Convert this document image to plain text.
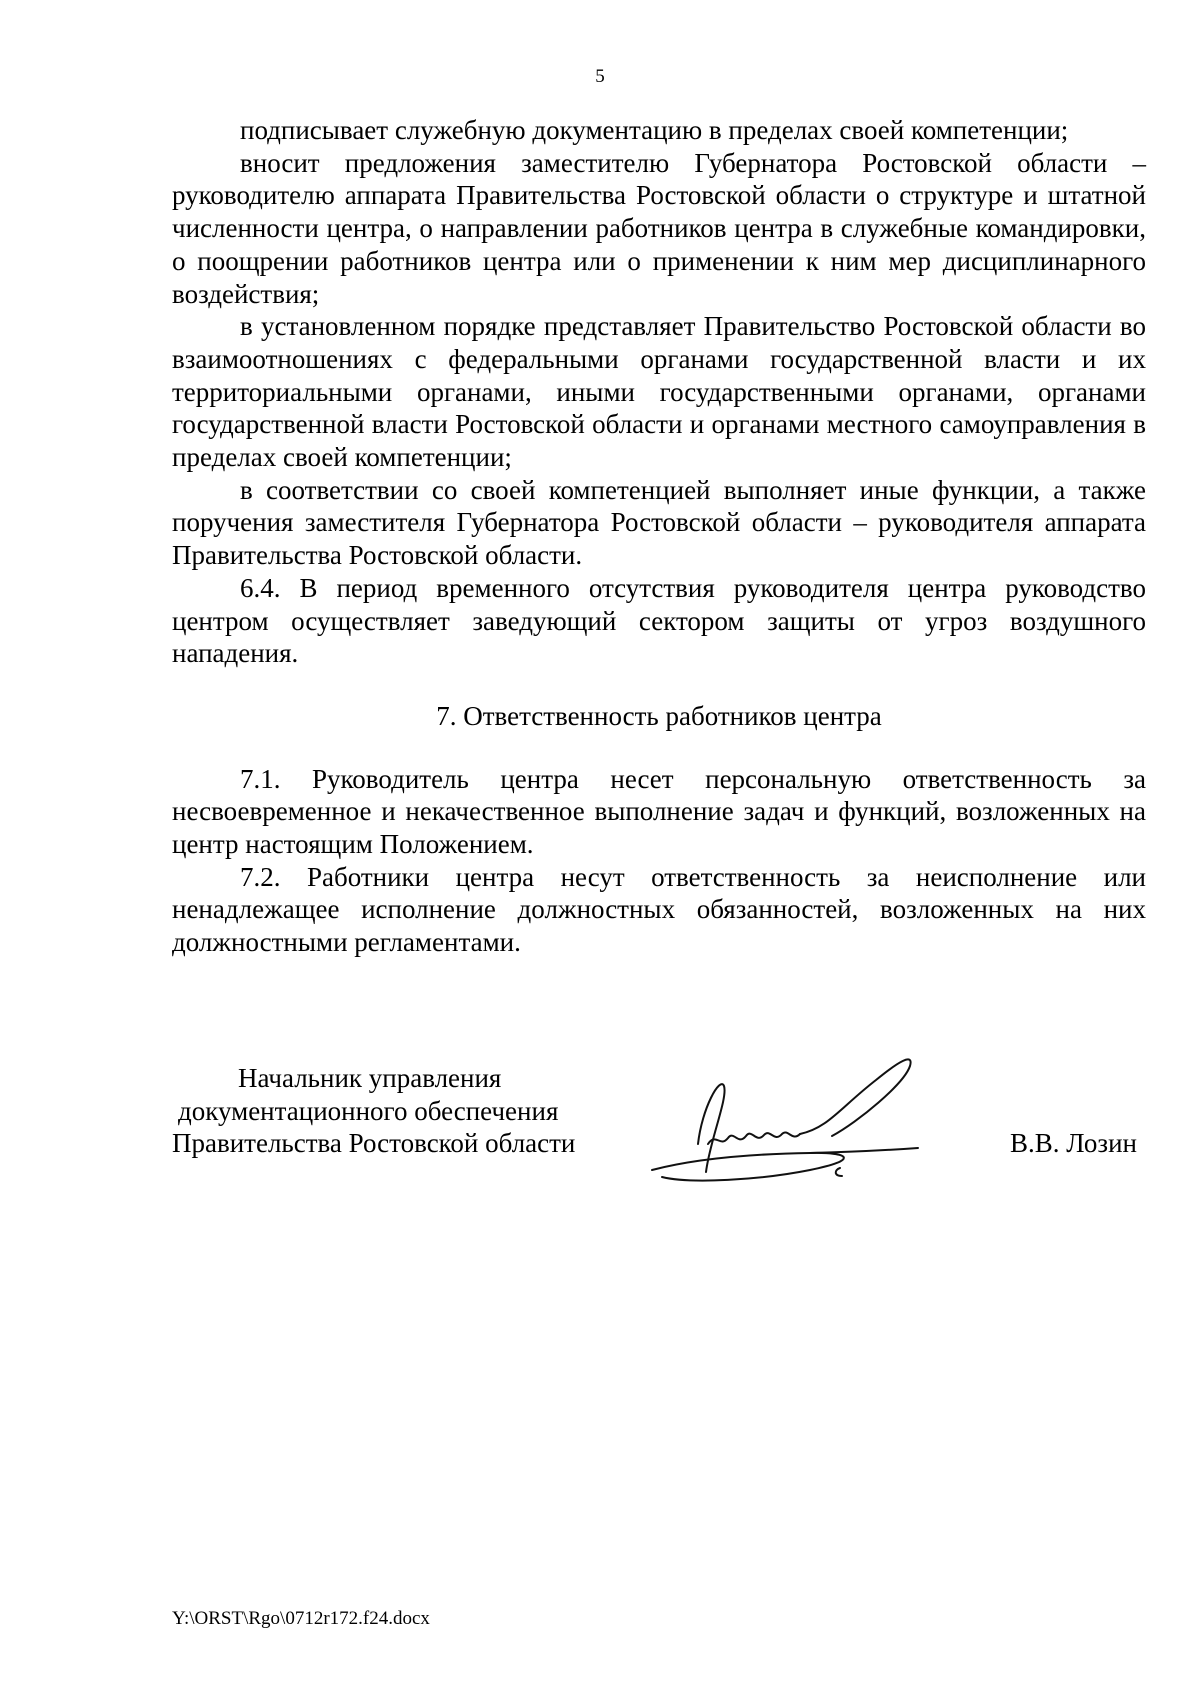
5

подписывает служебную документацию в пределах своей компетенции;

вносит предложения заместителю Губернатора Ростовской области – руководителю аппарата Правительства Ростовской области о структуре и штатной численности центра, о направлении работников центра в служебные командировки, о поощрении работников центра или о применении к ним мер дисциплинарного воздействия;

в установленном порядке представляет Правительство Ростовской области во взаимоотношениях с федеральными органами государственной власти и их территориальными органами, иными государственными органами, органами государственной власти Ростовской области и органами местного самоуправления в пределах своей компетенции;

в соответствии со своей компетенцией выполняет иные функции, а также поручения заместителя Губернатора Ростовской области – руководителя аппарата Правительства Ростовской области.

6.4. В период временного отсутствия руководителя центра руководство центром осуществляет заведующий сектором защиты от угроз воздушного нападения.

7. Ответственность работников центра

7.1. Руководитель центра несет персональную ответственность за несвоевременное и некачественное выполнение задач и функций, возложенных на центр настоящим Положением.

7.2. Работники центра несут ответственность за неисполнение или ненадлежащее исполнение должностных обязанностей, возложенных на них должностными регламентами.

Начальник управления
документационного обеспечения
Правительства Ростовской области	В.В. Лозин
Y:\ORST\Rgo\0712r172.f24.docx
